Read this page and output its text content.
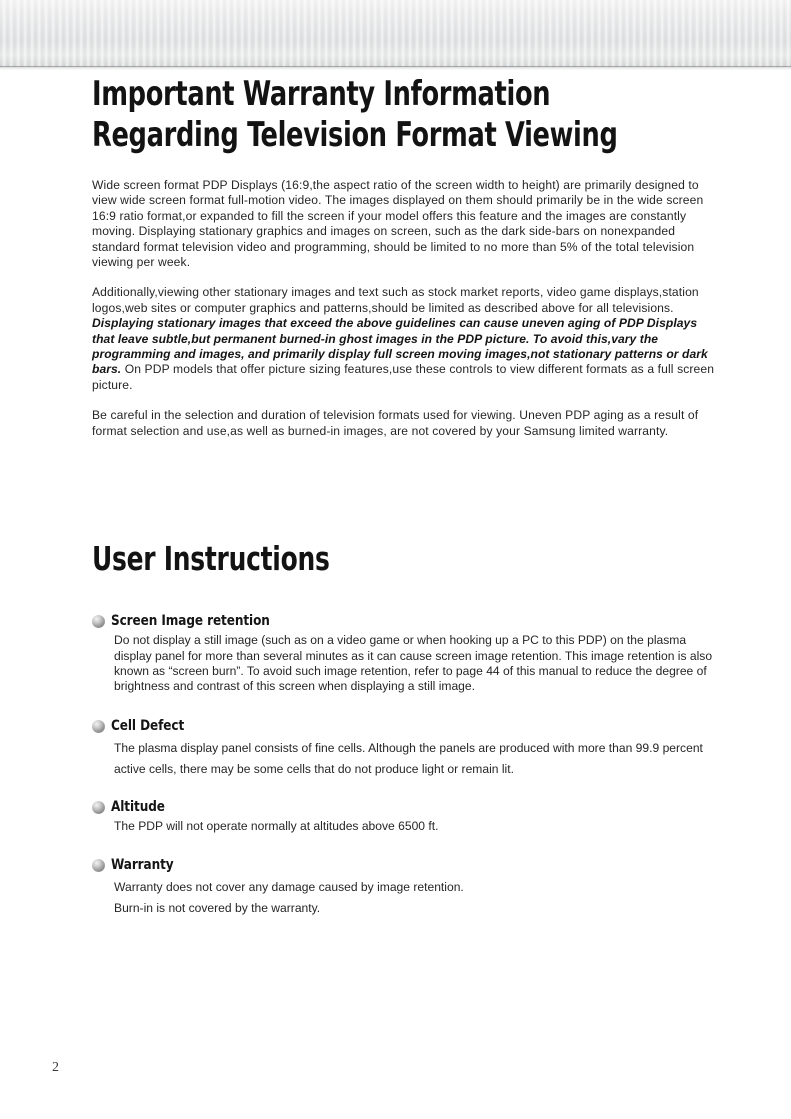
Important Warranty Information
Regarding Television Format Viewing

Wide screen format PDP Displays (16:9,the aspect ratio of the screen width to height) are primarily designed to view wide screen format full-motion video. The images displayed on them should primarily be in the wide screen 16:9 ratio format,or expanded to fill the screen if your model offers this feature and the images are constantly moving. Displaying stationary graphics and images on screen, such as the dark side-bars on nonexpanded standard format television video and programming, should be limited to no more than 5% of the total television viewing per week.

Additionally,viewing other stationary images and text such as stock market reports, video game displays,station logos,web sites or computer graphics and patterns,should be limited as described above for all televisions. Displaying stationary images that exceed the above guidelines can cause uneven aging of PDP Displays that leave subtle,but permanent burned-in ghost images in the PDP picture. To avoid this,vary the programming and images, and primarily display full screen moving images,not stationary patterns or dark bars. On PDP models that offer picture sizing features,use these controls to view different formats as a full screen picture.

Be careful in the selection and duration of television formats used for viewing. Uneven PDP aging as a result of format selection and use,as well as burned-in images, are not covered by your Samsung limited warranty.

User Instructions
Screen Image retention

Do not display a still image (such as on a video game or when hooking up a PC to this PDP) on the plasma display panel for more than several minutes as it can cause screen image retention. This image retention is also known as “screen burn”. To avoid such image retention, refer to page 44 of this manual to reduce the degree of brightness and contrast of this screen when displaying a still image.

Cell Defect

The plasma display panel consists of fine cells. Although the panels are produced with more than 99.9 percent active cells, there may be some cells that do not produce light or remain lit.

Altitude

The PDP will not operate normally at altitudes above 6500 ft.

Warranty

Warranty does not cover any damage caused by image retention.

Burn-in is not covered by the warranty.

2
